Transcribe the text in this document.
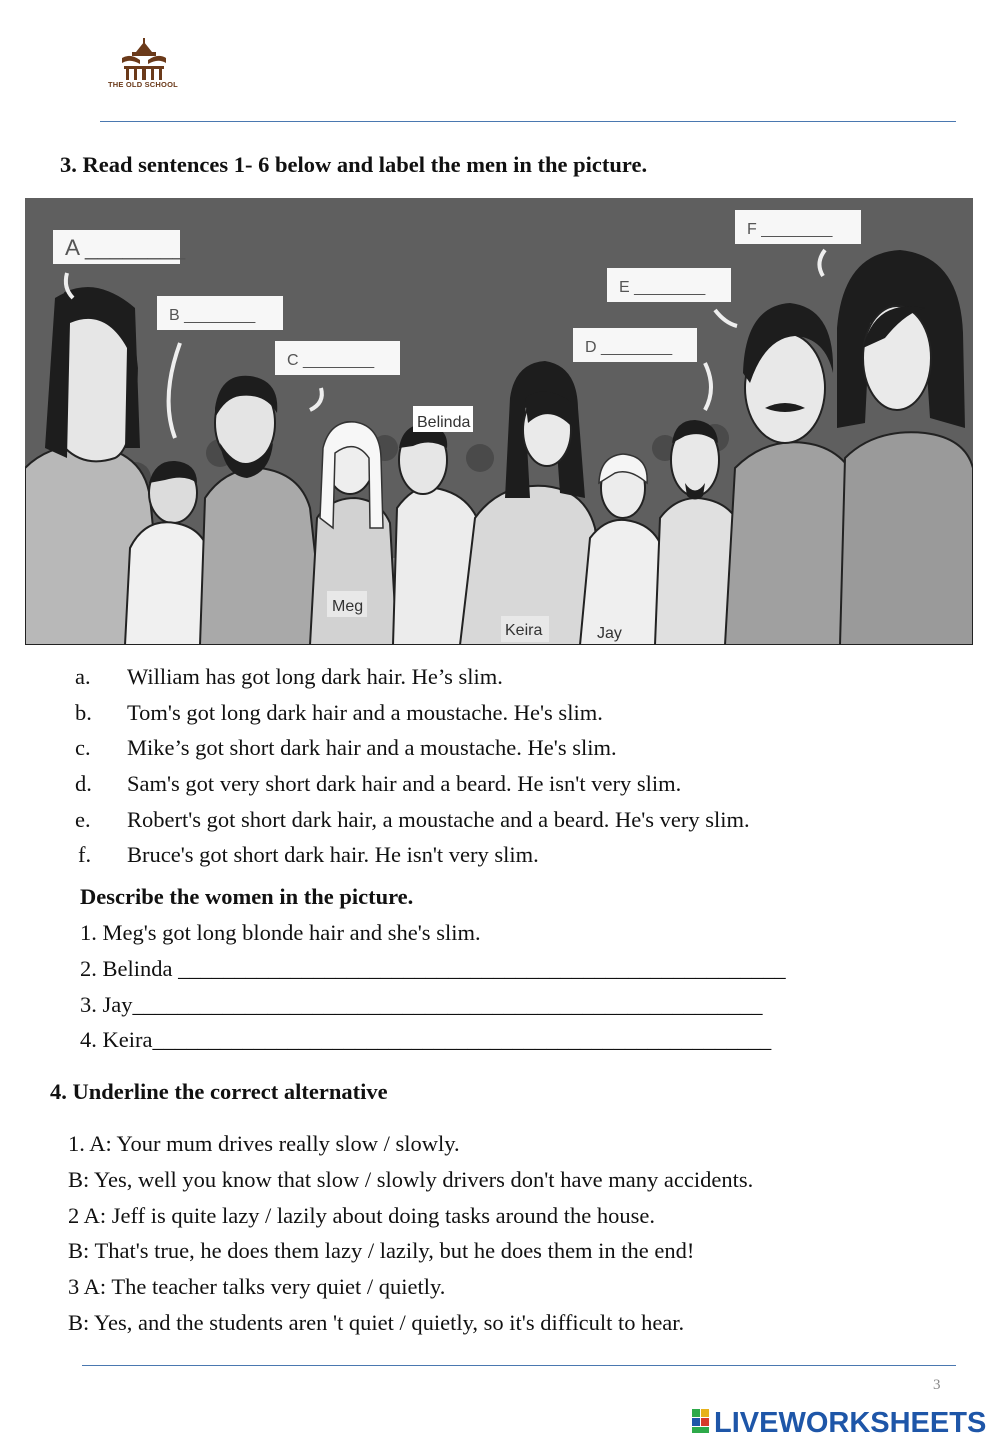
THE OLD SCHOOL
3. Read sentences 1- 6 below and label the men in the picture.
A ________
B ________
C ________
D ________
E ________
F ________
Belinda
Meg
Keira	Jay
a. William has got long dark hair. He’s slim.
b. Tom's got long dark hair and a moustache. He's slim.
c. Mike’s got short dark hair and a moustache. He's slim.
d. Sam's got very short dark hair and a beard. He isn't very slim.
e. Robert's got short dark hair, a moustache and a beard. He's very slim.
f. Bruce's got short dark hair. He isn't very slim.
Describe the women in the picture.
1. Meg's got long blonde hair and she's slim.
2. Belinda ______________________________________________________
3. Jay________________________________________________________
4. Keira_______________________________________________________
4. Underline the correct alternative
1. A: Your mum drives really slow / slowly.
B: Yes, well you know that slow / slowly drivers don't have many accidents.
2 A: Jeff is quite lazy / lazily about doing tasks around the house.
B: That's true, he does them lazy / lazily, but he does them in the end!
3 A: The teacher talks very quiet / quietly.
B: Yes, and the students aren 't quiet / quietly, so it's difficult to hear.
3
LIVEWORKSHEETS
